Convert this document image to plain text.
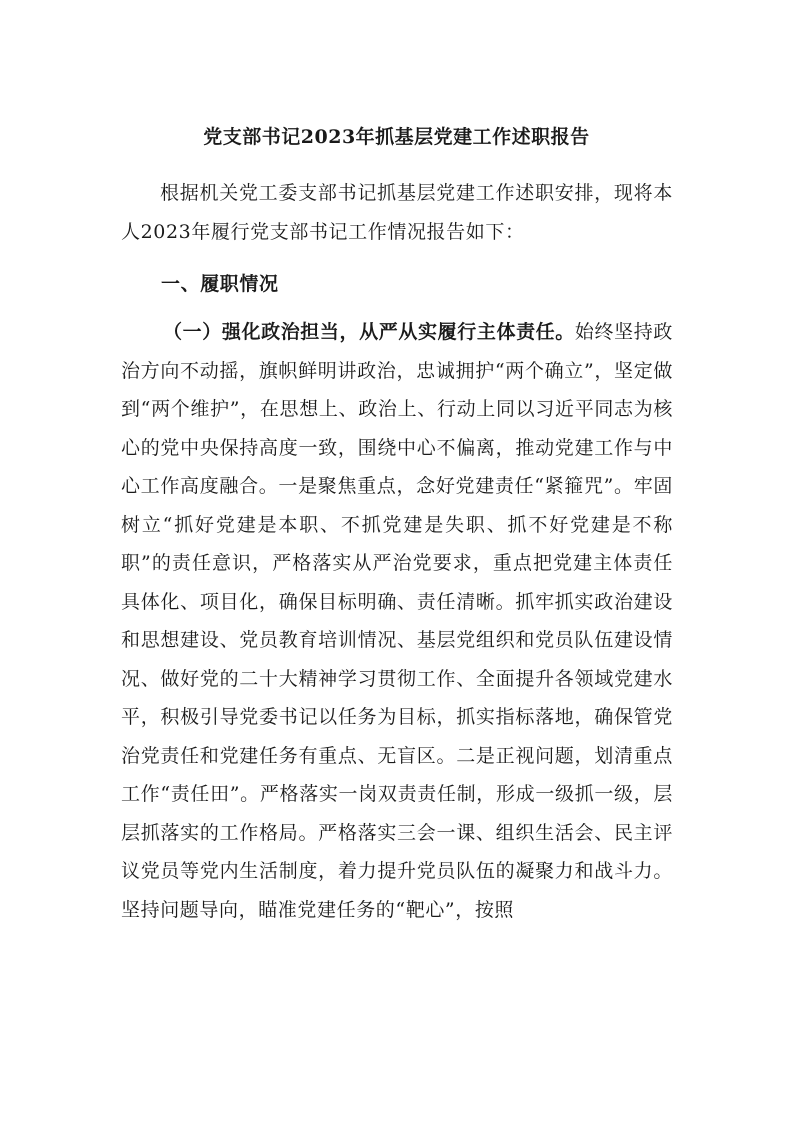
党支部书记2023年抓基层党建工作述职报告

根据机关党工委支部书记抓基层党建工作述职安排，现将本人2023年履行党支部书记工作情况报告如下：

一、履职情况

（一）强化政治担当，从严从实履行主体责任。始终坚持政治方向不动摇，旗帜鲜明讲政治，忠诚拥护“两个确立”，坚定做到“两个维护”，在思想上、政治上、行动上同以习近平同志为核心的党中央保持高度一致，围绕中心不偏离，推动党建工作与中心工作高度融合。一是聚焦重点，念好党建责任“紧箍咒”。牢固树立“抓好党建是本职、不抓党建是失职、抓不好党建是不称职”的责任意识，严格落实从严治党要求，重点把党建主体责任具体化、项目化，确保目标明确、责任清晰。抓牢抓实政治建设和思想建设、党员教育培训情况、基层党组织和党员队伍建设情况、做好党的二十大精神学习贯彻工作、全面提升各领域党建水平，积极引导党委书记以任务为目标，抓实指标落地，确保管党治党责任和党建任务有重点、无盲区。二是正视问题，划清重点工作“责任田”。严格落实一岗双责责任制，形成一级抓一级，层层抓落实的工作格局。严格落实三会一课、组织生活会、民主评议党员等党内生活制度，着力提升党员队伍的凝聚力和战斗力。坚持问题导向，瞄准党建任务的“靶心”，按照
